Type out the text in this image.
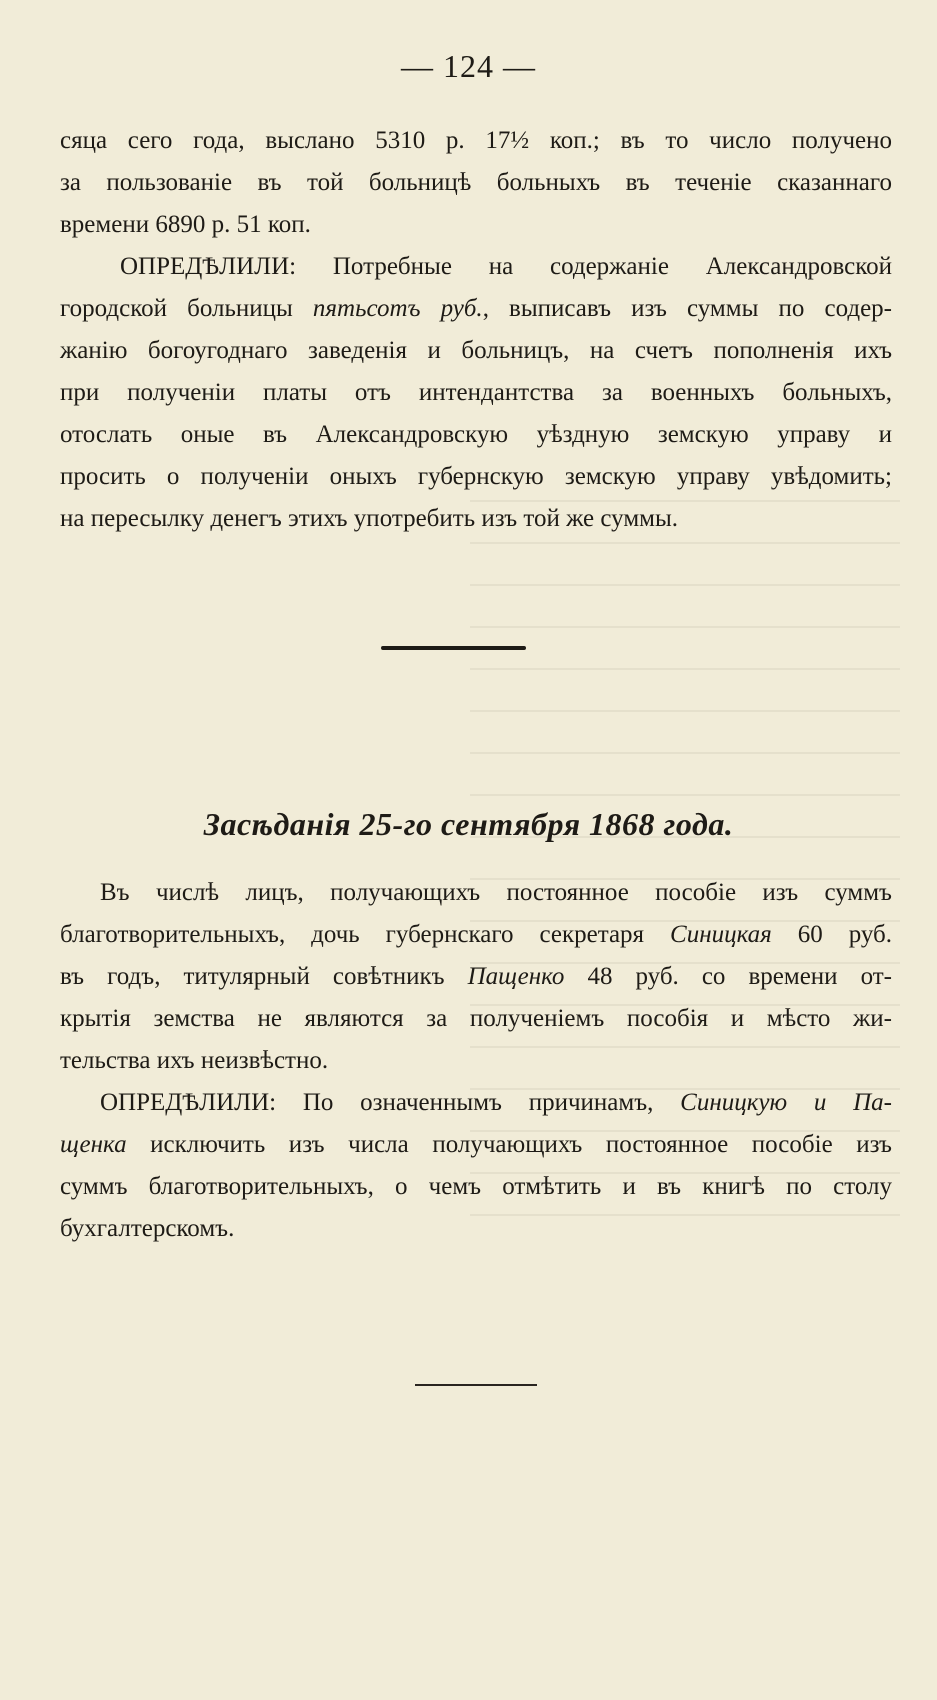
— 124 —
сяца сего года, выслано 5310 р. 17½ коп.; въ то число получено
за пользованіе въ той больницѣ больныхъ въ теченіе сказаннаго
времени 6890 р. 51 коп.
ОПРЕДѢЛИЛИ: Потребные на содержаніе Александровской
городской больницы пятьсотъ руб., выписавъ изъ суммы по содер-
жанію богоугоднаго заведенія и больницъ, на счетъ пополненія ихъ
при полученіи платы отъ интендантства за военныхъ больныхъ,
отослать оные въ Александровскую уѣздную земскую управу и
просить о полученіи оныхъ губернскую земскую управу увѣдомить;
на пересылку денегъ этихъ употребить изъ той же суммы.
Засѣданія 25-го сентября 1868 года.
Въ числѣ лицъ, получающихъ постоянное пособіе изъ суммъ
благотворительныхъ, дочь губернскаго секретаря Синицкая 60 руб.
въ годъ, титулярный совѣтникъ Пащенко 48 руб. со времени от-
крытія земства не являются за полученіемъ пособія и мѣсто жи-
тельства ихъ неизвѣстно.
ОПРЕДѢЛИЛИ: По означеннымъ причинамъ, Синицкую и Па-
щенка исключить изъ числа получающихъ постоянное пособіе изъ
суммъ благотворительныхъ, о чемъ отмѣтить и въ книгѣ по столу
бухгалтерскомъ.
